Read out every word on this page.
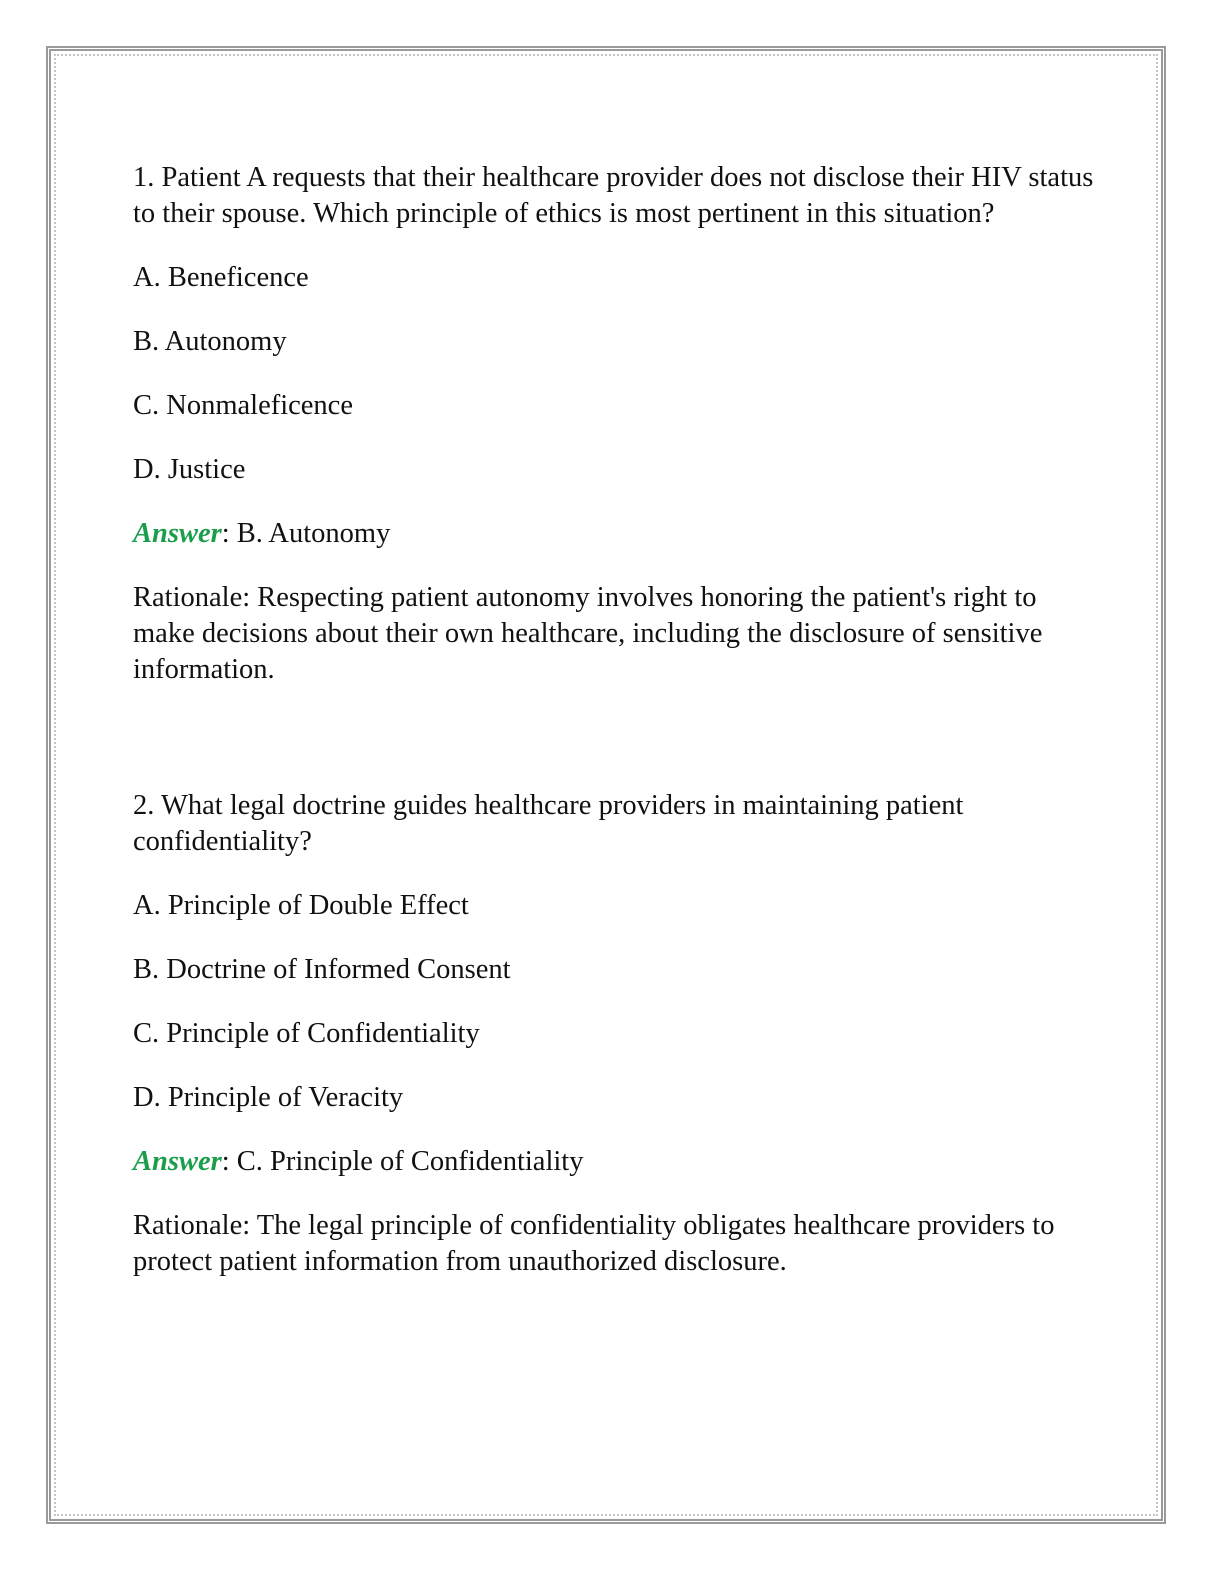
1. Patient A requests that their healthcare provider does not disclose their HIV status to their spouse. Which principle of ethics is most pertinent in this situation?

A. Beneficence

B. Autonomy

C. Nonmaleficence

D. Justice

Answer: B. Autonomy

Rationale: Respecting patient autonomy involves honoring the patient's right to make decisions about their own healthcare, including the disclosure of sensitive information.

2. What legal doctrine guides healthcare providers in maintaining patient confidentiality?

A. Principle of Double Effect

B. Doctrine of Informed Consent

C. Principle of Confidentiality

D. Principle of Veracity

Answer: C. Principle of Confidentiality

Rationale: The legal principle of confidentiality obligates healthcare providers to protect patient information from unauthorized disclosure.
